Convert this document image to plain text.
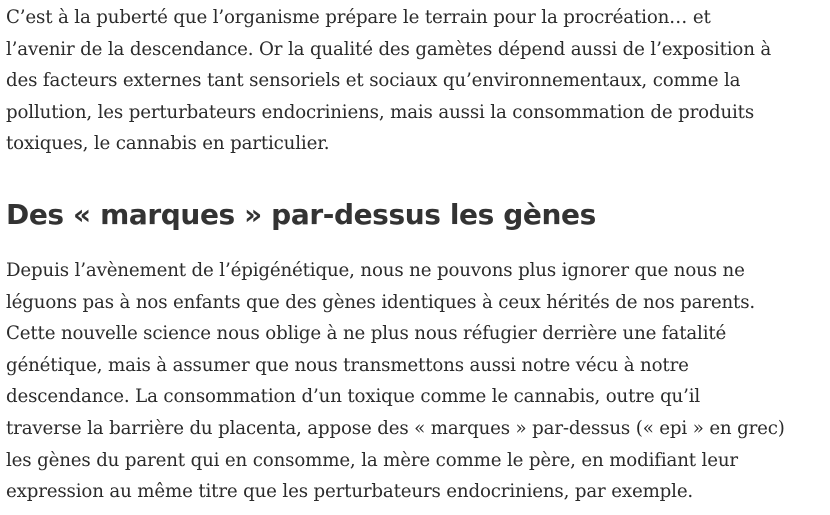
C’est à la puberté que l’organisme prépare le terrain pour la procréation… et
l’avenir de la descendance. Or la qualité des gamètes dépend aussi de l’exposition à
des facteurs externes tant sensoriels et sociaux qu’environnementaux, comme la
pollution, les perturbateurs endocriniens, mais aussi la consommation de produits
toxiques, le cannabis en particulier.

Des « marques » par-dessus les gènes

Depuis l’avènement de l’épigénétique, nous ne pouvons plus ignorer que nous ne
léguons pas à nos enfants que des gènes identiques à ceux hérités de nos parents.
Cette nouvelle science nous oblige à ne plus nous réfugier derrière une fatalité
génétique, mais à assumer que nous transmettons aussi notre vécu à notre
descendance. La consommation d’un toxique comme le cannabis, outre qu’il
traverse la barrière du placenta, appose des « marques » par-dessus (« epi » en grec)
les gènes du parent qui en consomme, la mère comme le père, en modifiant leur
expression au même titre que les perturbateurs endocriniens, par exemple.
